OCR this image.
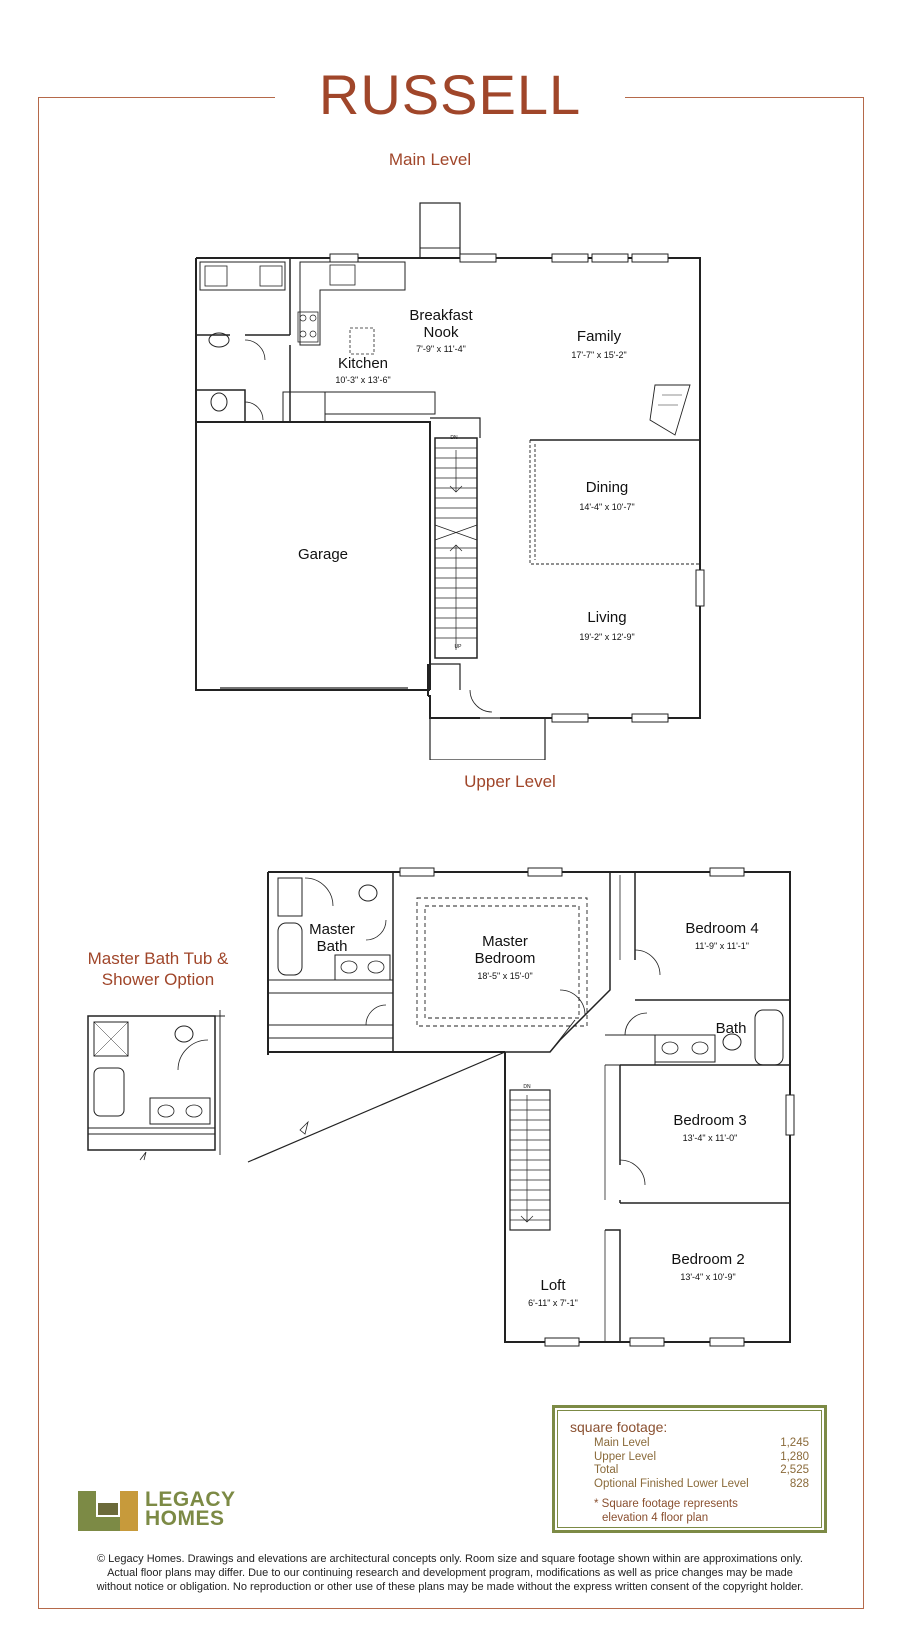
RUSSELL
Main Level
Upper Level
Breakfast
Nook
7'-9" x 11'-4"
Family
17'-7" x 15'-2"
Kitchen
10'-3" x 13'-6"
Dining
14'-4" x 10'-7"
Garage
Living
19'-2" x 12'-9"
DN
UP
Master
Bath	Master
Bedroom
18'-5" x 15'-0"
Bedroom 4
11'-9" x 11'-1"
Bath
Bedroom 3
13'-4" x 11'-0"
Bedroom 2
13'-4" x 10'-9"
Loft
6'-11" x 7'-1"
DN
Master Bath Tub &
Shower Option
square footage:
Main Level	1,245
Upper Level	1,280
Total	2,525
Optional Finished Lower Level	828
* Square footage represents
elevation 4 floor plan
LEGACY
HOMES
© Legacy Homes. Drawings and elevations are architectural concepts only. Room size and square footage shown within are approximations only.
Actual floor plans may differ. Due to our continuing research and development program, modifications as well as price changes may be made
without notice or obligation. No reproduction or other use of these plans may be made without the express written consent of the copyright holder.
